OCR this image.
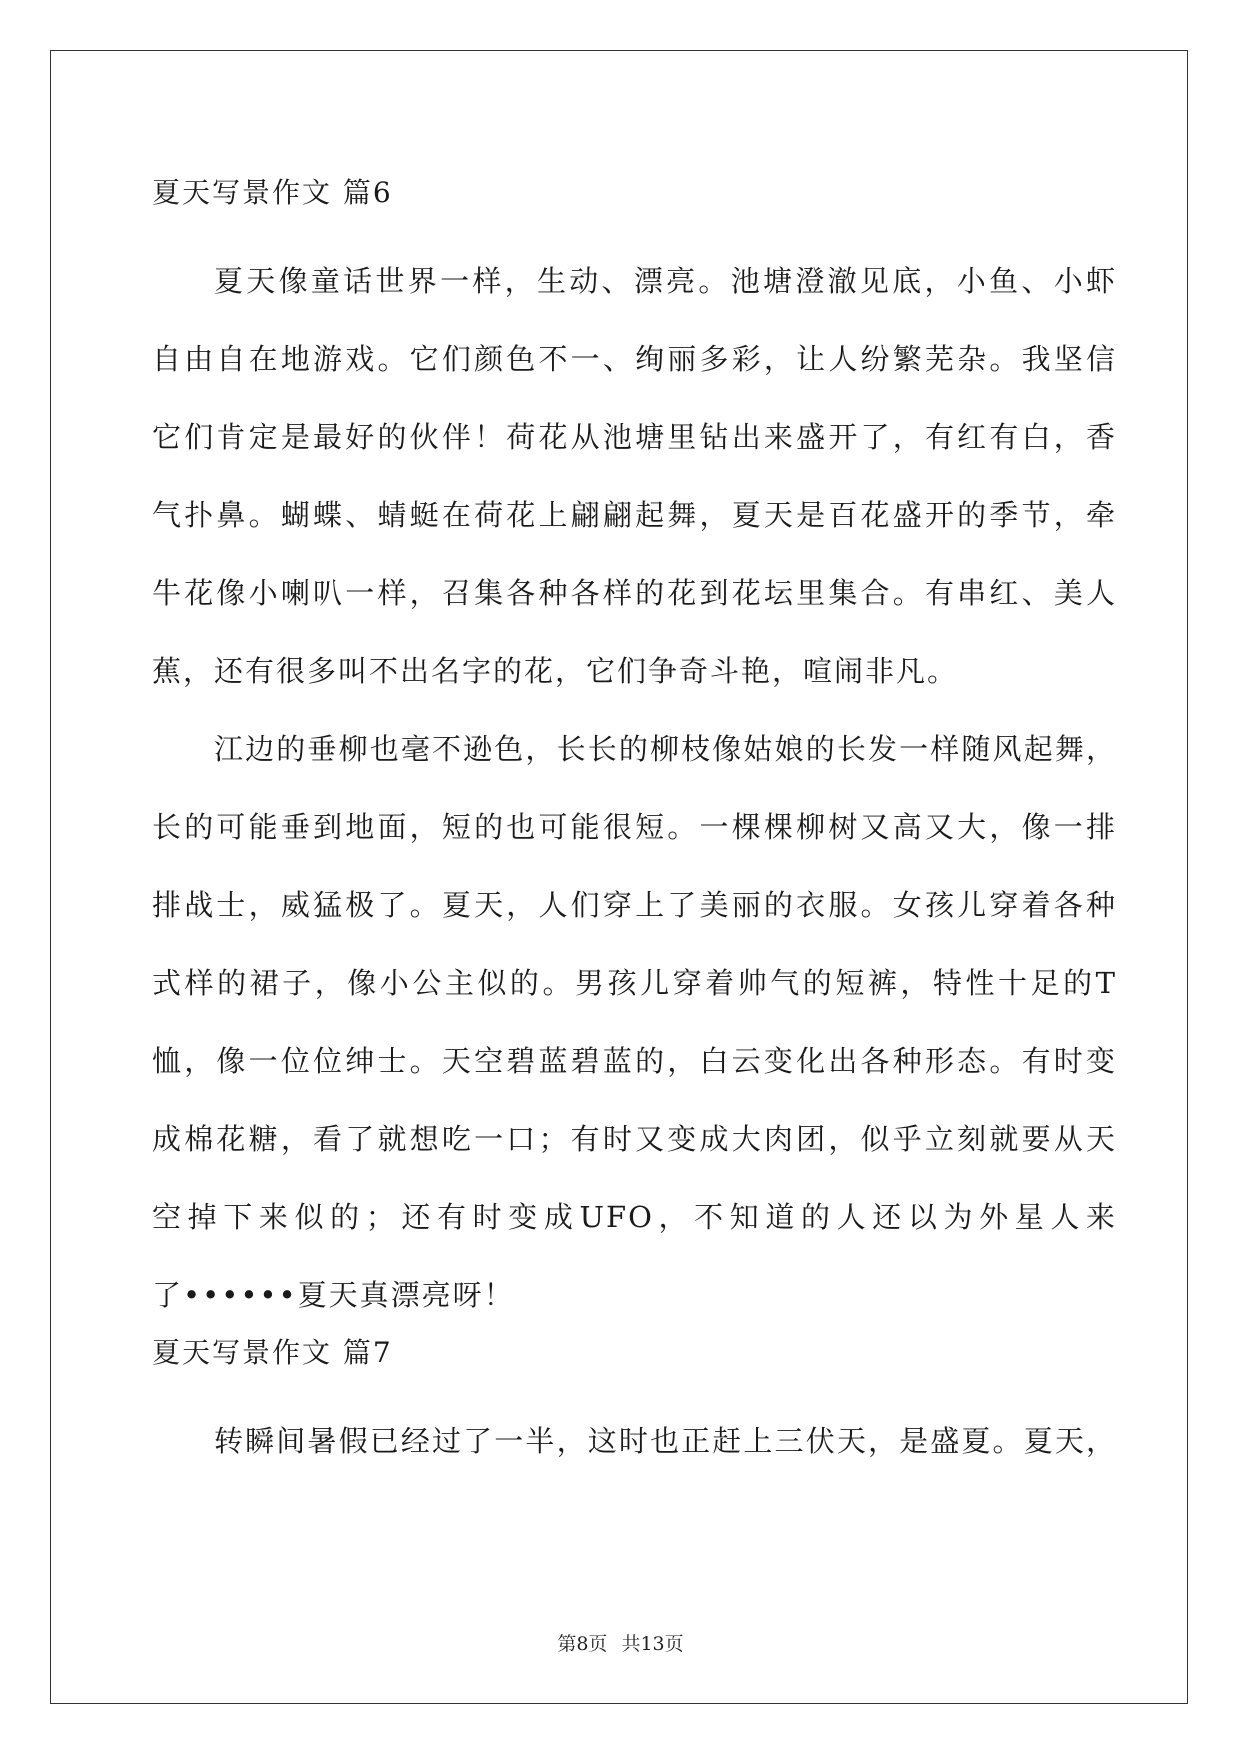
夏天写景作文 篇6

夏天像童话世界一样，生动、漂亮。池塘澄澈见底，小鱼、小虾

自由自在地游戏。它们颜色不一、绚丽多彩，让人纷繁芜杂。我坚信

它们肯定是最好的伙伴！荷花从池塘里钻出来盛开了，有红有白，香

气扑鼻。蝴蝶、蜻蜓在荷花上翩翩起舞，夏天是百花盛开的季节，牵

牛花像小喇叭一样，召集各种各样的花到花坛里集合。有串红、美人

蕉，还有很多叫不出名字的花，它们争奇斗艳，喧闹非凡。

江边的垂柳也毫不逊色，长长的柳枝像姑娘的长发一样随风起舞，

长的可能垂到地面，短的也可能很短。一棵棵柳树又高又大，像一排

排战士，威猛极了。夏天，人们穿上了美丽的衣服。女孩儿穿着各种

式样的裙子，像小公主似的。男孩儿穿着帅气的短裤，特性十足的T

恤，像一位位绅士。天空碧蓝碧蓝的，白云变化出各种形态。有时变

成棉花糖，看了就想吃一口；有时又变成大肉团，似乎立刻就要从天

空掉下来似的；还有时变成UFO，不知道的人还以为外星人来

了••••••夏天真漂亮呀！

夏天写景作文 篇7

转瞬间暑假已经过了一半，这时也正赶上三伏天，是盛夏。夏天，

第8页 共13页
